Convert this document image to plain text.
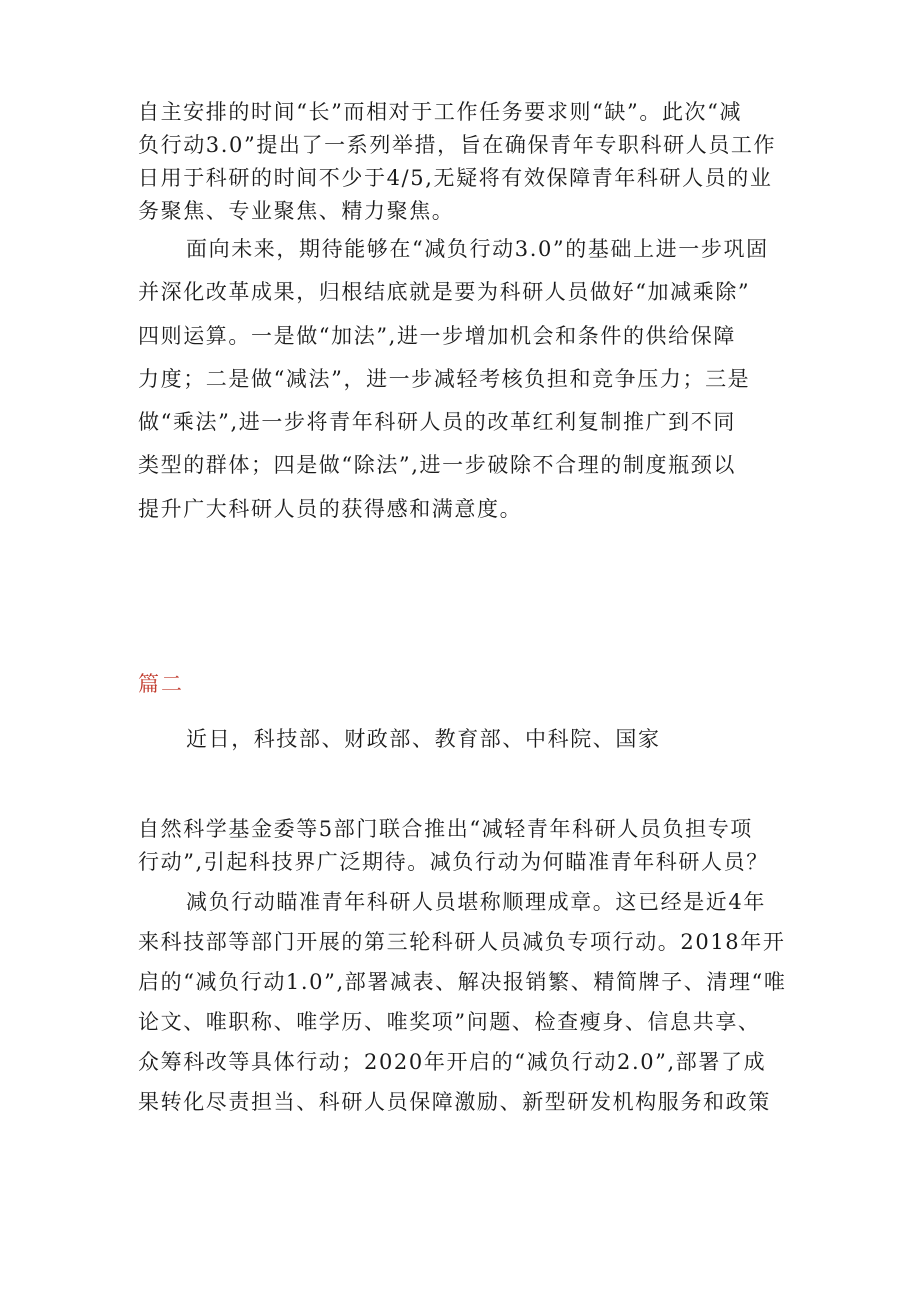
自主安排的时间“长”而相对于工作任务要求则“缺”。此次“减
负行动3.0”提出了一系列举措，旨在确保青年专职科研人员工作
日用于科研的时间不少于4/5,无疑将有效保障青年科研人员的业
务聚焦、专业聚焦、精力聚焦。
面向未来，期待能够在“减负行动3.0”的基础上进一步巩固
并深化改革成果，归根结底就是要为科研人员做好“加减乘除”
四则运算。一是做“加法”,进一步增加机会和条件的供给保障
力度；二是做“减法”，进一步减轻考核负担和竞争压力；三是
做“乘法”,进一步将青年科研人员的改革红利复制推广到不同
类型的群体；四是做“除法”,进一步破除不合理的制度瓶颈以
提升广大科研人员的获得感和满意度。
篇二
近日，科技部、财政部、教育部、中科院、国家
自然科学基金委等5部门联合推出“减轻青年科研人员负担专项
行动”,引起科技界广泛期待。减负行动为何瞄准青年科研人员？
减负行动瞄准青年科研人员堪称顺理成章。这已经是近4年
来科技部等部门开展的第三轮科研人员减负专项行动。2018年开
启的“减负行动1.0”,部署减表、解决报销繁、精简牌子、清理“唯
论文、唯职称、唯学历、唯奖项”问题、检查瘦身、信息共享、
众筹科改等具体行动；2020年开启的“减负行动2.0”,部署了成
果转化尽责担当、科研人员保障激励、新型研发机构服务和政策
